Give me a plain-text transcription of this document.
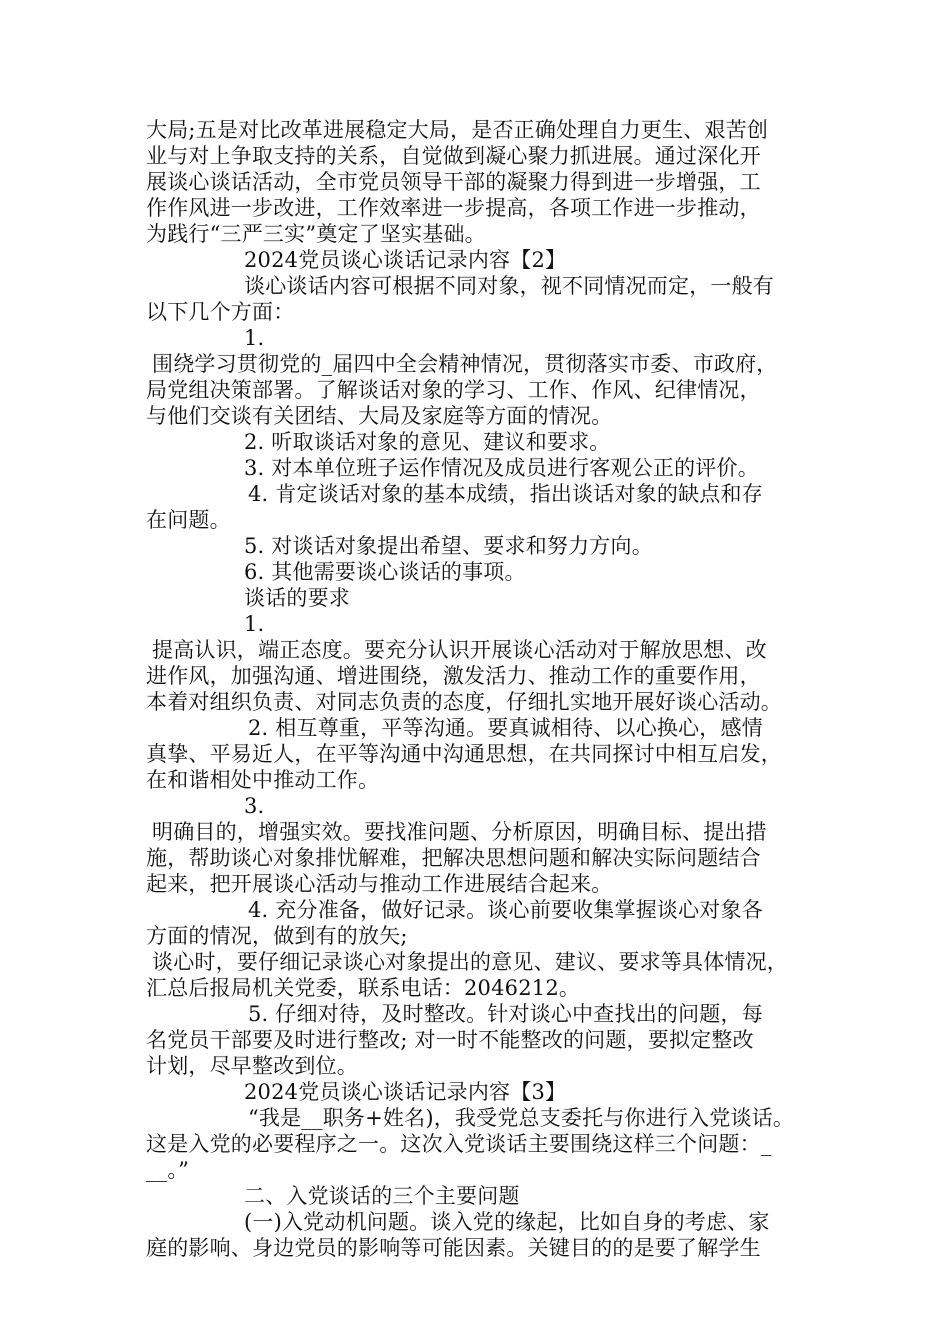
大局;五是对比改革进展稳定大局，是否正确处理自力更生、艰苦创
业与对上争取支持的关系，自觉做到凝心聚力抓进展。通过深化开
展谈心谈话活动，全市党员领导干部的凝聚力得到进一步增强，工
作作风进一步改进，工作效率进一步提高，各项工作进一步推动，
为践行“三严三实”奠定了坚实基础。
2024党员谈心谈话记录内容【2】
谈心谈话内容可根据不同对象，视不同情况而定，一般有
以下几个方面：
1.
围绕学习贯彻党的_届四中全会精神情况，贯彻落实市委、市政府，
局党组决策部署。了解谈话对象的学习、工作、作风、纪律情况，
与他们交谈有关团结、大局及家庭等方面的情况。
2. 听取谈话对象的意见、建议和要求。
3. 对本单位班子运作情况及成员进行客观公正的评价。
4. 肯定谈话对象的基本成绩，指出谈话对象的缺点和存
在问题。
5. 对谈话对象提出希望、要求和努力方向。
6. 其他需要谈心谈话的事项。
谈话的要求
1.
提高认识，端正态度。要充分认识开展谈心活动对于解放思想、改
进作风，加强沟通、增进围绕，激发活力、推动工作的重要作用，
本着对组织负责、对同志负责的态度，仔细扎实地开展好谈心活动。
2. 相互尊重，平等沟通。要真诚相待、以心换心，感情
真挚、平易近人，在平等沟通中沟通思想，在共同探讨中相互启发，
在和谐相处中推动工作。
3.
明确目的，增强实效。要找准问题、分析原因，明确目标、提出措
施，帮助谈心对象排忧解难，把解决思想问题和解决实际问题结合
起来，把开展谈心活动与推动工作进展结合起来。
4. 充分准备，做好记录。谈心前要收集掌握谈心对象各
方面的情况，做到有的放矢;
谈心时，要仔细记录谈心对象提出的意见、建议、要求等具体情况，
汇总后报局机关党委，联系电话：2046212。
5. 仔细对待，及时整改。针对谈心中查找出的问题，每
名党员干部要及时进行整改; 对一时不能整改的问题，要拟定整改
计划，尽早整改到位。
2024党员谈心谈话记录内容【3】
“我是__职务+姓名)，我受党总支委托与你进行入党谈话。
这是入党的必要程序之一。这次入党谈话主要围绕这样三个问题：_
__。”
二、入党谈话的三个主要问题
(一)入党动机问题。谈入党的缘起，比如自身的考虑、家
庭的影响、身边党员的影响等可能因素。关键目的的是要了解学生
